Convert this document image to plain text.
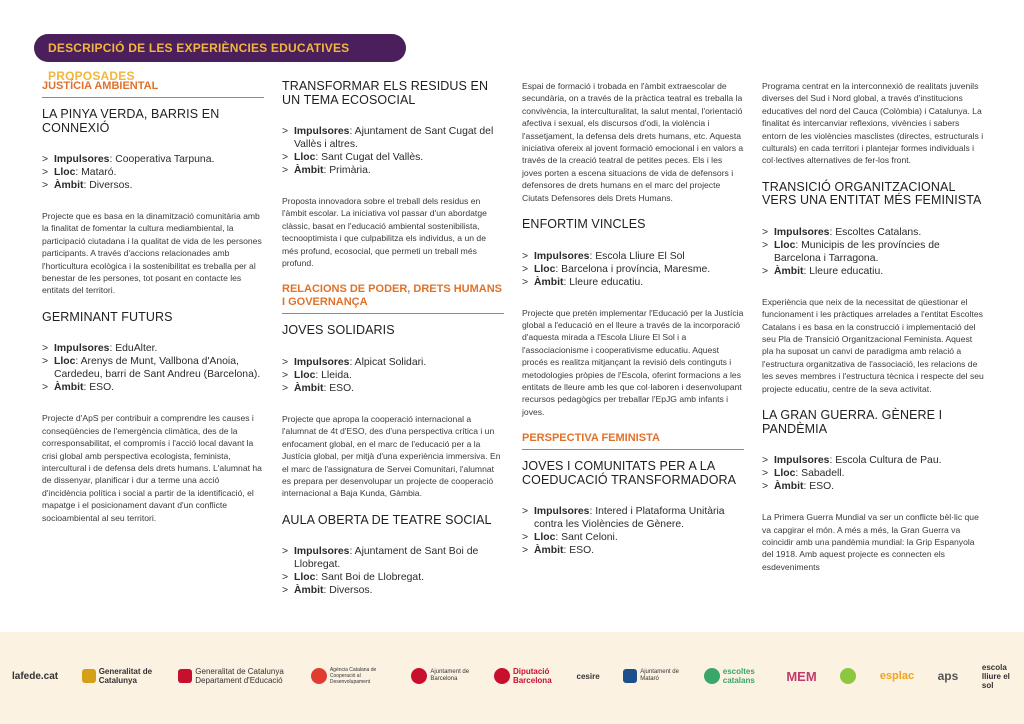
DESCRIPCIÓ DE LES EXPERIÈNCIES EDUCATIVES PROPOSADES
JUSTÍCIA AMBIENTAL
LA PINYA VERDA, BARRIS EN CONNEXIÓ
> Impulsores: Cooperativa Tarpuna.
> Lloc: Mataró.
> Àmbit: Diversos.

Projecte que es basa en la dinamització comunitària amb la finalitat de fomentar la cultura mediambiental, la participació ciutadana i la qualitat de vida de les persones participants. A través d'accions relacionades amb l'horticultura ecològica i la sostenibilitat es treballa per al benestar de les persones, tot posant en contacte les entitats del territori.

GERMINANT FUTURS
> Impulsores: EduAlter.
> Lloc: Arenys de Munt, Vallbona d'Anoia, Cardedeu, barri de Sant Andreu (Barcelona).
> Àmbit: ESO.

Projecte d'ApS per contribuir a comprendre les causes i conseqüències de l'emergència climàtica, des de la corresponsabilitat, el compromís i l'acció local davant la crisi global amb perspectiva ecologista, feminista, intercultural i de defensa dels drets humans. L'alumnat ha de dissenyar, planificar i dur a terme una acció d'incidència política i social a partir de la identificació, el mapatge i el posicionament davant d'un conflicte socioambiental al seu territori.

TRANSFORMAR ELS RESIDUS EN UN TEMA ECOSOCIAL
> Impulsores: Ajuntament de Sant Cugat del Vallès i altres.
> Lloc: Sant Cugat del Vallès.
> Àmbit: Primària.

Proposta innovadora sobre el treball dels residus en l'àmbit escolar. La iniciativa vol passar d'un abordatge clàssic, basat en l'educació ambiental sostenibilista, tecnooptimista i que culpabilitza els individus, a un de més profund, ecosocial, que permeti un treball més profund.

RELACIONS DE PODER, DRETS HUMANS I GOVERNANÇA
JOVES SOLIDARIS
> Impulsores: Alpicat Solidari.
> Lloc: Lleida.
> Àmbit: ESO.

Projecte que apropa la cooperació internacional a l'alumnat de 4t d'ESO, des d'una perspectiva crítica i un enfocament global, en el marc de l'educació per a la Justícia global, per mitjà d'una experiència immersiva. En el marc de l'assignatura de Servei Comunitari, l'alumnat es prepara per desenvolupar un projecte de cooperació internacional a Baja Kunda, Gàmbia.

AULA OBERTA DE TEATRE SOCIAL
> Impulsores: Ajuntament de Sant Boi de Llobregat.
> Lloc: Sant Boi de Llobregat.
> Àmbit: Diversos.

Espai de formació i trobada en l'àmbit extraescolar de secundària, on a través de la pràctica teatral es treballa la convivència, la interculturalitat, la salut mental, l'orientació afectiva i sexual, els discursos d'odi, la violència i l'assetjament, la defensa dels drets humans, etc. Aquesta iniciativa ofereix al jovent formació emocional i en valors a través de la creació teatral de petites peces. Els i les joves porten a escena situacions de vida de defensors i defensores de drets humans en el marc del projecte Ciutats Defensores dels Drets Humans.

ENFORTIM VINCLES
> Impulsores: Escola Lliure El Sol
> Lloc: Barcelona i província, Maresme.
> Àmbit: Lleure educatiu.

Projecte que pretén implementar l'Educació per la Justícia global a l'educació en el lleure a través de la incorporació d'aquesta mirada a l'Escola Lliure El Sol i a l'associacionisme i cooperativisme educatiu. Aquest procés es realitza mitjançant la revisió dels continguts i metodologies pròpies de l'Escola, oferint formacions a les entitats de lleure amb les que col·laboren i desenvolupant recursos pedagògics per treballar l'EpJG amb infants i joves.

PERSPECTIVA FEMINISTA
JOVES I COMUNITATS PER A LA COEDUCACIÓ TRANSFORMADORA
> Impulsores: Intered i Plataforma Unitària contra les Violències de Gènere.
> Lloc: Sant Celoni.
> Àmbit: ESO.

Programa centrat en la interconnexió de realitats juvenils diverses del Sud i Nord global, a través d'institucions educatives del nord del Cauca (Colòmbia) i Catalunya. La finalitat és intercanviar reflexions, vivències i sabers entorn de les violències masclistes (directes, estructurals i culturals) en cada territori i plantejar formes individuals i col·lectives alternatives de fer-los front.

TRANSICIÓ ORGANITZACIONAL VERS UNA ENTITAT MÉS FEMINISTA
> Impulsores: Escoltes Catalans.
> Lloc: Municipis de les províncies de Barcelona i Tarragona.
> Àmbit: Lleure educatiu.

Experiència que neix de la necessitat de qüestionar el funcionament i les pràctiques arrelades a l'entitat Escoltes Catalans i es basa en la construcció i implementació del seu Pla de Transició Organitzacional Feminista. Aquest pla ha suposat un canvi de paradigma amb relació a l'estructura organitzativa de l'associació, les relacions de les seves membres i l'estructura tècnica i respecte del seu projecte educatiu, centre de la seva activitat.

LA GRAN GUERRA. GÈNERE I PANDÈMIA
> Impulsores: Escola Cultura de Pau.
> Lloc: Sabadell.
> Àmbit: ESO.

La Primera Guerra Mundial va ser un conflicte bèl·lic que va capgirar el món. A més a més, la Gran Guerra va coincidir amb una pandèmia mundial: la Grip Espanyola del 1918. Amb aquest projecte es connecten els esdeveniments

lafede.cat	Generalitat de Catalunya
Generalitat de Catalunya Departament d'Educació
Agència Catalana de Cooperació al Desenvolupament
Ajuntament de Barcelona
Diputació Barcelona	cesire	Ajuntament de Mataró
escoltes catalans	MEM	esplac aps
escola lliure el sol
